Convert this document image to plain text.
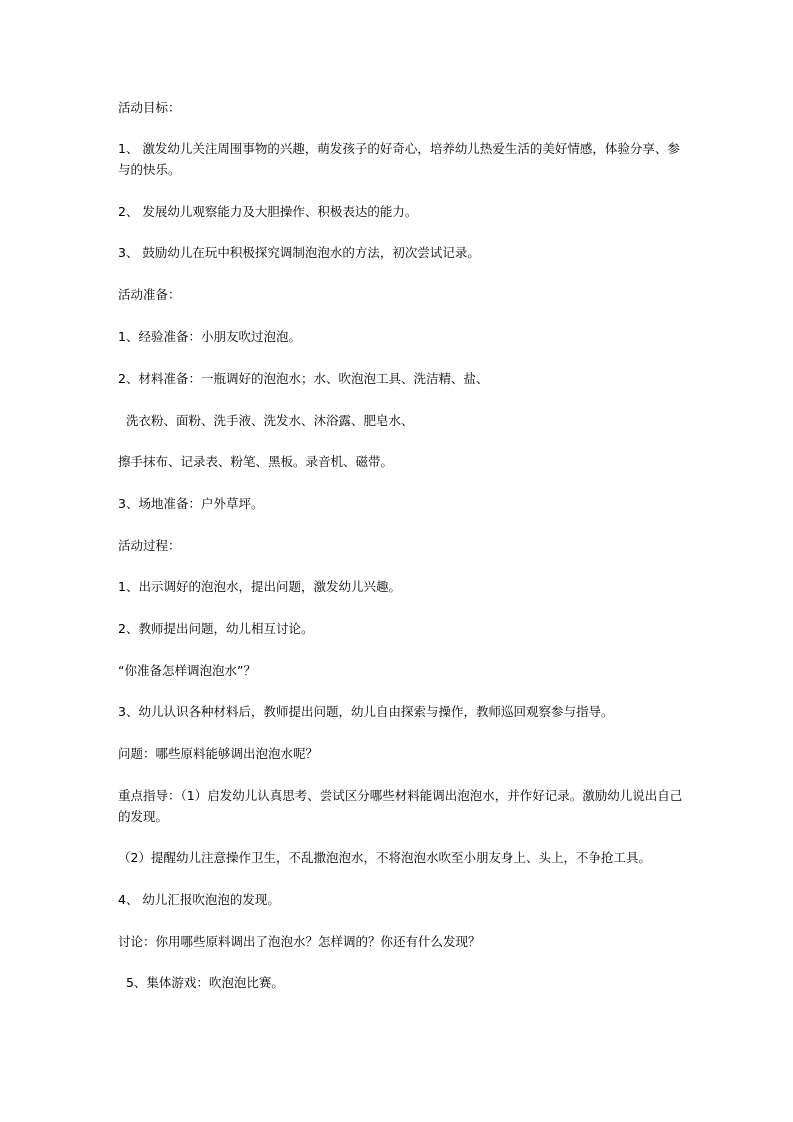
活动目标：
1、 激发幼儿关注周围事物的兴趣，萌发孩子的好奇心，培养幼儿热爱生活的美好情感，体验分享、参与的快乐。
2、 发展幼儿观察能力及大胆操作、积极表达的能力。
3、 鼓励幼儿在玩中积极探究调制泡泡水的方法，初次尝试记录。
活动准备：
1、经验准备：小朋友吹过泡泡。
2、材料准备：一瓶调好的泡泡水；水、吹泡泡工具、洗洁精、盐、
洗衣粉、面粉、洗手液、洗发水、沐浴露、肥皂水、
擦手抹布、记录表、粉笔、黑板。录音机、磁带。
3、场地准备：户外草坪。
活动过程：
1、出示调好的泡泡水，提出问题，激发幼儿兴趣。
2、教师提出问题，幼儿相互讨论。
“你准备怎样调泡泡水”？
3、幼儿认识各种材料后，教师提出问题，幼儿自由探索与操作，教师巡回观察参与指导。
问题：哪些原料能够调出泡泡水呢？
重点指导：（1）启发幼儿认真思考、尝试区分哪些材料能调出泡泡水，并作好记录。激励幼儿说出自己的发现。
（2）提醒幼儿注意操作卫生，不乱撒泡泡水，不将泡泡水吹至小朋友身上、头上，不争抢工具。
4、 幼儿汇报吹泡泡的发现。
讨论：你用哪些原料调出了泡泡水？怎样调的？你还有什么发现？
5、集体游戏：吹泡泡比赛。
